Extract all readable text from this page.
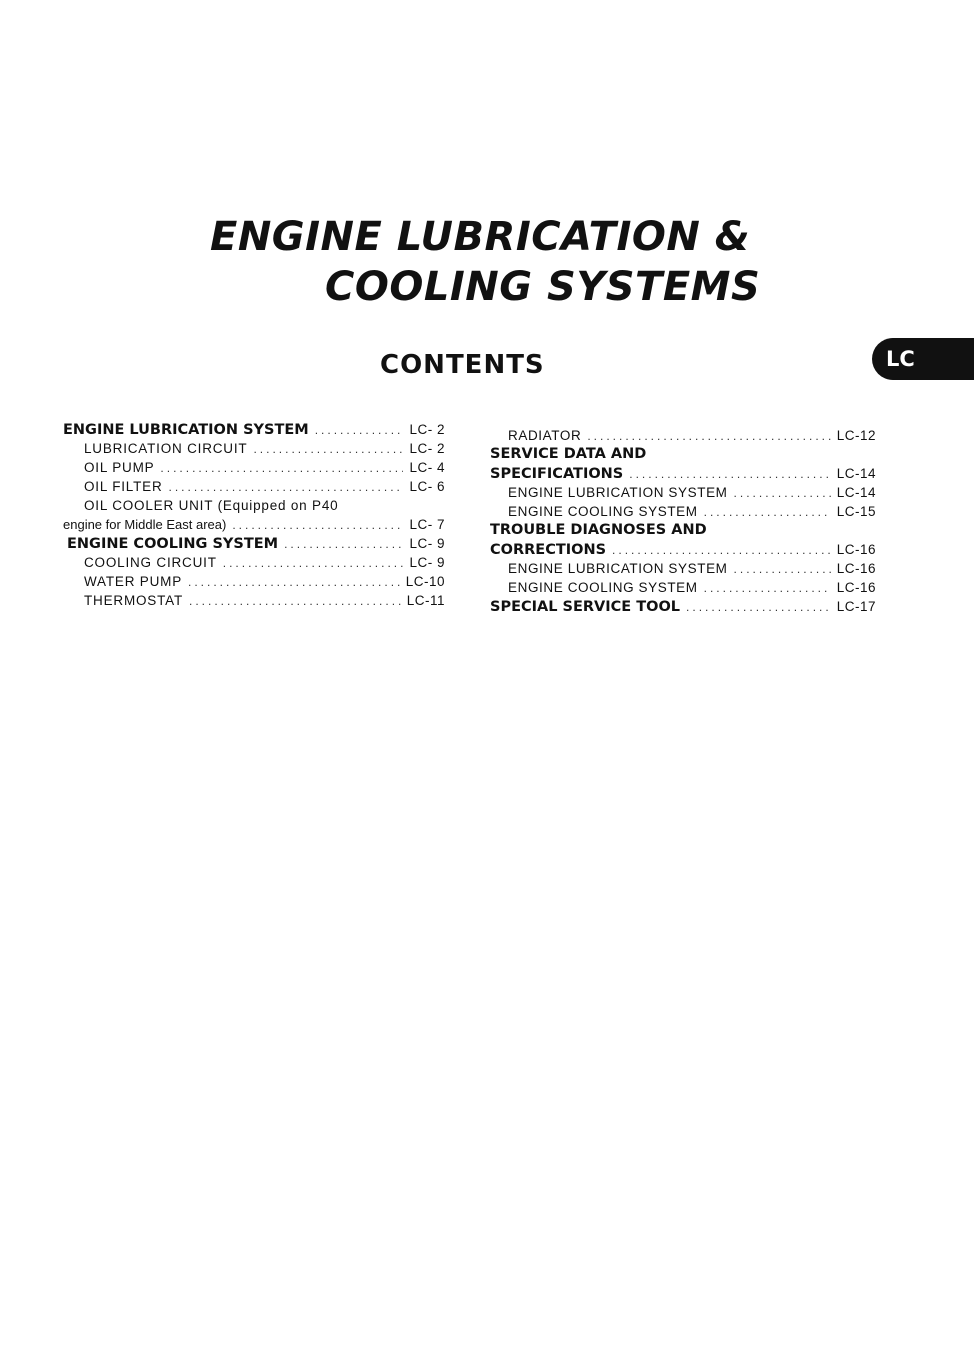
ENGINE LUBRICATION &
COOLING SYSTEMS
CONTENTS	LC
ENGINE LUBRICATION SYSTEM .....	LC- 2
LUBRICATION CIRCUIT .....	LC- 2
OIL PUMP .....	LC- 4
OIL FILTER .....	LC- 6
OIL COOLER UNIT (Equipped on P40
engine for Middle East area) .....	LC- 7
ENGINE COOLING SYSTEM .....	LC- 9
COOLING CIRCUIT .....	LC- 9
WATER PUMP .....	LC-10
THERMOSTAT .....	LC-11
RADIATOR .....	LC-12
SERVICE DATA AND
SPECIFICATIONS .....	LC-14
ENGINE LUBRICATION SYSTEM .....	LC-14
ENGINE COOLING SYSTEM .....	LC-15
TROUBLE DIAGNOSES AND
CORRECTIONS .....	LC-16
ENGINE LUBRICATION SYSTEM .....	LC-16
ENGINE COOLING SYSTEM .....	LC-16
SPECIAL SERVICE TOOL .....	LC-17
